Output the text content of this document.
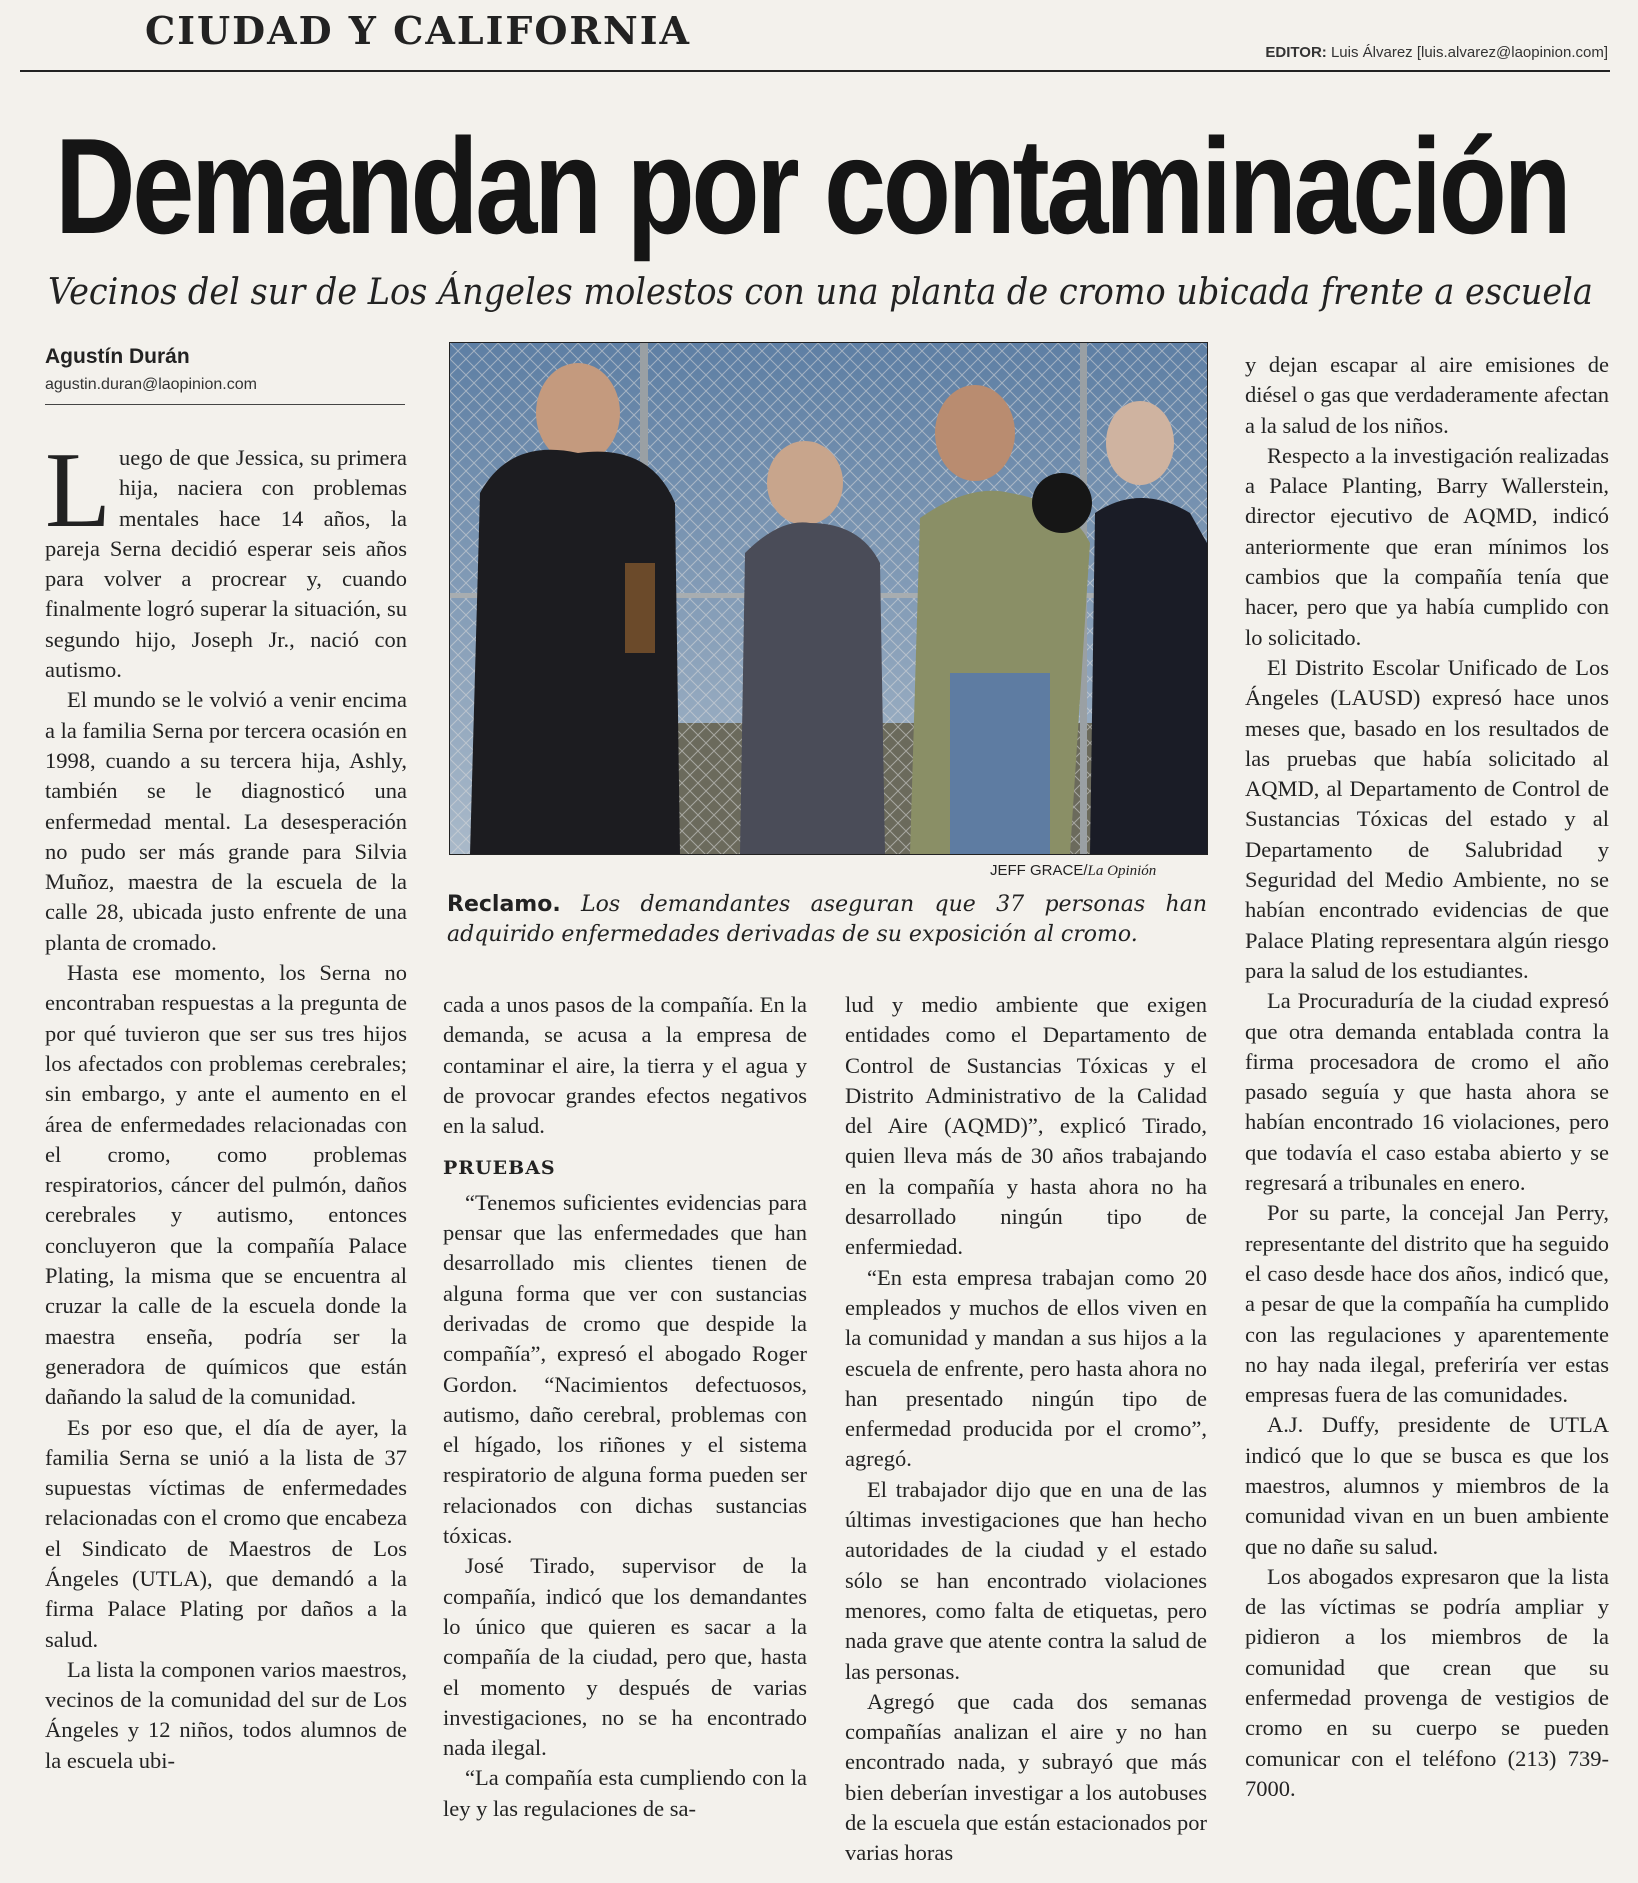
CIUDAD Y CALIFORNIA	EDITOR: Luis Álvarez [luis.alvarez@laopinion.com]
Demandan por contaminación
Vecinos del sur de Los Ángeles molestos con una planta de cromo ubicada frente a escuela
Agustín Durán
agustin.duran@laopinion.com
JEFF GRACE/La Opinión
Reclamo. Los demandantes aseguran que 37 personas han adquirido enfermedades derivadas de su exposición al cromo.

Luego de que Jessica, su primera hija, naciera con problemas mentales hace 14 años, la pareja Serna decidió esperar seis años para volver a procrear y, cuando finalmente logró superar la situación, su segundo hijo, Joseph Jr., nació con autismo.

El mundo se le volvió a venir encima a la familia Serna por tercera ocasión en 1998, cuando a su tercera hija, Ashly, también se le diagnosticó una enfermedad mental. La desesperación no pudo ser más grande para Silvia Muñoz, maestra de la escuela de la calle 28, ubicada justo enfrente de una planta de cromado.

Hasta ese momento, los Serna no encontraban respuestas a la pregunta de por qué tuvieron que ser sus tres hijos los afectados con problemas cerebrales; sin embargo, y ante el aumento en el área de enfermedades relacionadas con el cromo, como problemas respiratorios, cáncer del pulmón, daños cerebrales y autismo, entonces concluyeron que la compañía Palace Plating, la misma que se encuentra al cruzar la calle de la escuela donde la maestra enseña, podría ser la generadora de químicos que están dañando la salud de la comunidad.

Es por eso que, el día de ayer, la familia Serna se unió a la lista de 37 supuestas víctimas de enfermedades relacionadas con el cromo que encabeza el Sindicato de Maestros de Los Ángeles (UTLA), que demandó a la firma Palace Plating por daños a la salud.

La lista la componen varios maestros, vecinos de la comunidad del sur de Los Ángeles y 12 niños, todos alumnos de la escuela ubi-

cada a unos pasos de la compañía. En la demanda, se acusa a la empresa de contaminar el aire, la tierra y el agua y de provocar grandes efectos negativos en la salud.

PRUEBAS

“Tenemos suficientes evidencias para pensar que las enfermedades que han desarrollado mis clientes tienen de alguna forma que ver con sustancias derivadas de cromo que despide la compañía”, expresó el abogado Roger Gordon. “Nacimientos defectuosos, autismo, daño cerebral, problemas con el hígado, los riñones y el sistema respiratorio de alguna forma pueden ser relacionados con dichas sustancias tóxicas.

José Tirado, supervisor de la compañía, indicó que los demandantes lo único que quieren es sacar a la compañía de la ciudad, pero que, hasta el momento y después de varias investigaciones, no se ha encontrado nada ilegal.

“La compañía esta cumpliendo con la ley y las regulaciones de sa-

lud y medio ambiente que exigen entidades como el Departamento de Control de Sustancias Tóxicas y el Distrito Administrativo de la Calidad del Aire (AQMD)”, explicó Tirado, quien lleva más de 30 años trabajando en la compañía y hasta ahora no ha desarrollado ningún tipo de enfermiedad.

“En esta empresa trabajan como 20 empleados y muchos de ellos viven en la comunidad y mandan a sus hijos a la escuela de enfrente, pero hasta ahora no han presentado ningún tipo de enfermedad producida por el cromo”, agregó.

El trabajador dijo que en una de las últimas investigaciones que han hecho autoridades de la ciudad y el estado sólo se han encontrado violaciones menores, como falta de etiquetas, pero nada grave que atente contra la salud de las personas.

Agregó que cada dos semanas compañías analizan el aire y no han encontrado nada, y subrayó que más bien deberían investigar a los autobuses de la escuela que están estacionados por varias horas

y dejan escapar al aire emisiones de diésel o gas que verdaderamente afectan a la salud de los niños.

Respecto a la investigación realizadas a Palace Planting, Barry Wallerstein, director ejecutivo de AQMD, indicó anteriormente que eran mínimos los cambios que la compañía tenía que hacer, pero que ya había cumplido con lo solicitado.

El Distrito Escolar Unificado de Los Ángeles (LAUSD) expresó hace unos meses que, basado en los resultados de las pruebas que había solicitado al AQMD, al Departamento de Control de Sustancias Tóxicas del estado y al Departamento de Salubridad y Seguridad del Medio Ambiente, no se habían encontrado evidencias de que Palace Plating representara algún riesgo para la salud de los estudiantes.

La Procuraduría de la ciudad expresó que otra demanda entablada contra la firma procesadora de cromo el año pasado seguía y que hasta ahora se habían encontrado 16 violaciones, pero que todavía el caso estaba abierto y se regresará a tribunales en enero.

Por su parte, la concejal Jan Perry, representante del distrito que ha seguido el caso desde hace dos años, indicó que, a pesar de que la compañía ha cumplido con las regulaciones y aparentemente no hay nada ilegal, preferiría ver estas empresas fuera de las comunidades.

A.J. Duffy, presidente de UTLA indicó que lo que se busca es que los maestros, alumnos y miembros de la comunidad vivan en un buen ambiente que no dañe su salud.

Los abogados expresaron que la lista de las víctimas se podría ampliar y pidieron a los miembros de la comunidad que crean que su enfermedad provenga de vestigios de cromo en su cuerpo se pueden comunicar con el teléfono (213) 739-7000.
